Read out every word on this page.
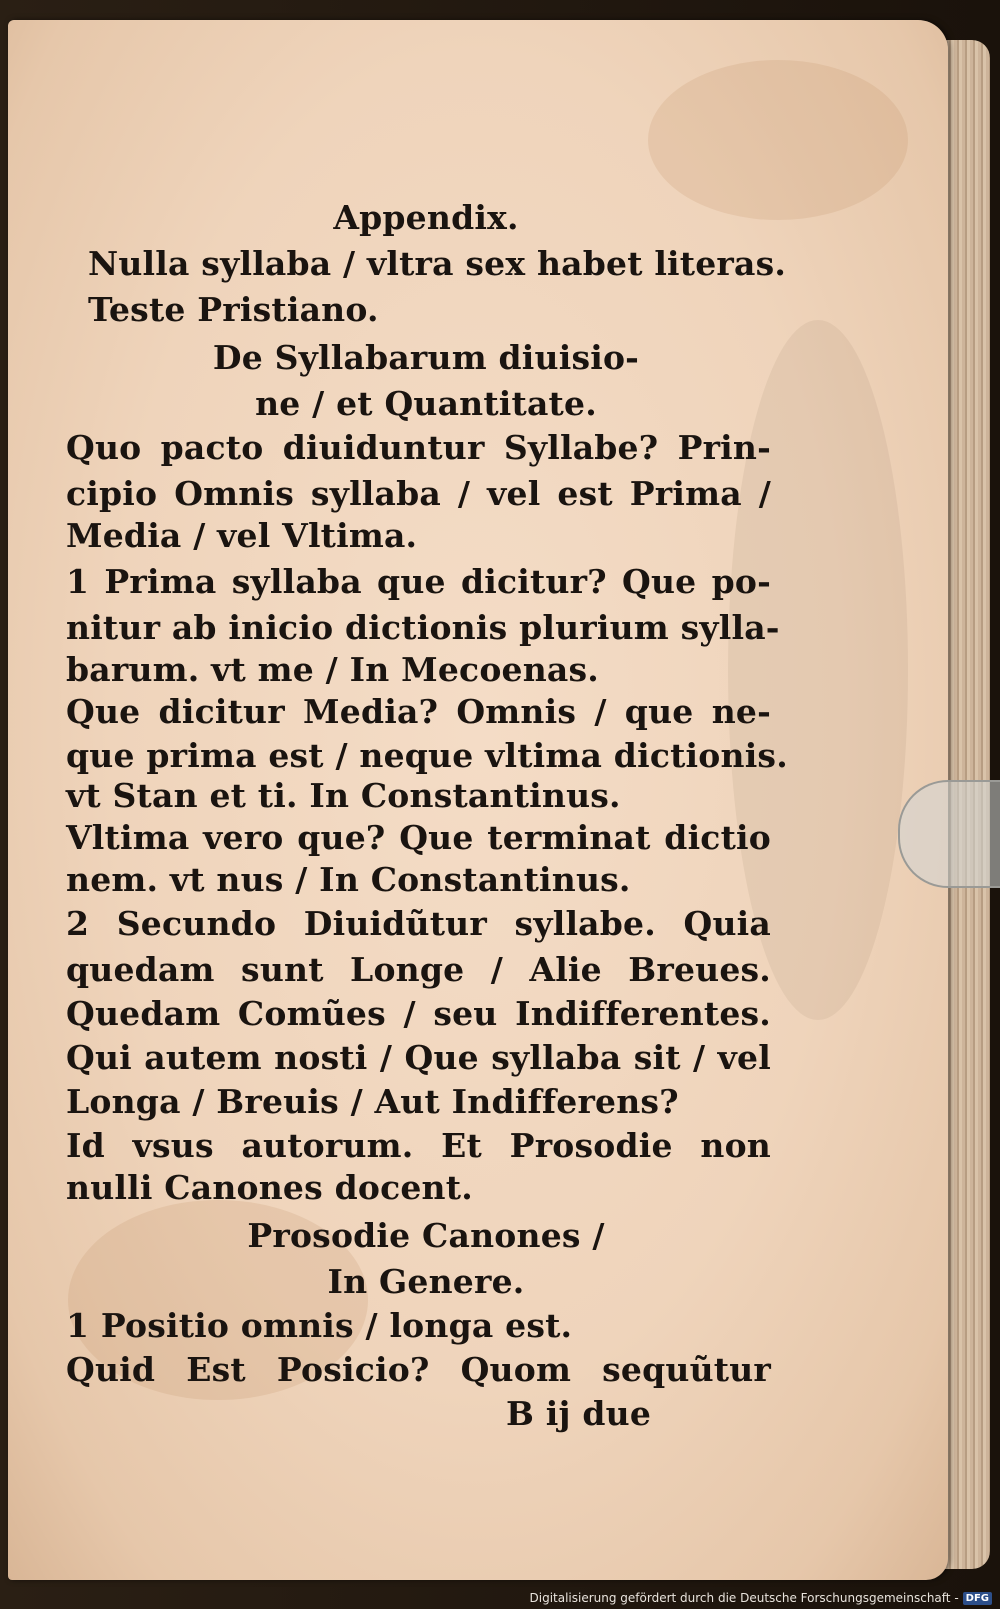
Appendix.
Nulla syllaba / vltra sex habet literas.
Teste Pristiano.
De Syllabarum diuisio-
ne / et Quantitate.
Quo pacto diuiduntur Syllabe? Prin-
cipio Omnis syllaba / vel est Prima /
Media / vel Vltima.
1 Prima syllaba que dicitur? Que po-
nitur ab inicio dictionis plurium sylla-
barum. vt me / In Mecoenas.
Que dicitur Media? Omnis / que ne-
que prima est / neque vltima dictionis.
vt Stan et ti. In Constantinus.
Vltima vero que? Que terminat dictio
nem. vt nus / In Constantinus.
2 Secundo Diuidũtur syllabe. Quia
quedam sunt Longe / Alie Breues.
Quedam Comũes / seu Indifferentes.
Qui autem nosti / Que syllaba sit / vel
Longa / Breuis / Aut Indifferens?
Id vsus autorum. Et Prosodie non
nulli Canones docent.
Prosodie Canones /
In Genere.
1 Positio omnis / longa est.
Quid Est Posicio? Quom sequũtur
B ij due
Digitalisierung gefördert durch die Deutsche Forschungsgemeinschaft - DFG
